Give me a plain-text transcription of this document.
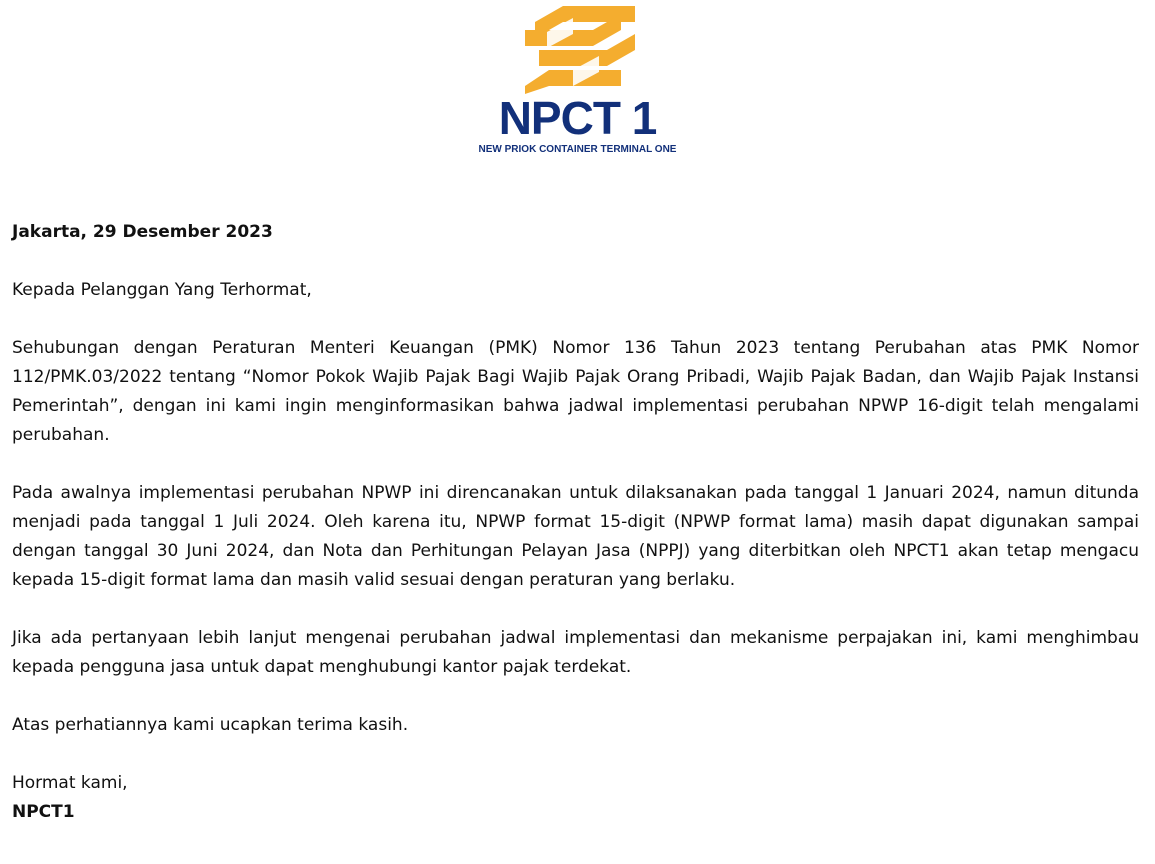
NPCT 1
NEW PRIOK CONTAINER TERMINAL ONE
Jakarta, 29 Desember 2023
Kepada Pelanggan Yang Terhormat,
Sehubungan dengan Peraturan Menteri Keuangan (PMK) Nomor 136 Tahun 2023 tentang Perubahan atas PMK Nomor 112/PMK.03/2022 tentang “Nomor Pokok Wajib Pajak Bagi Wajib Pajak Orang Pribadi, Wajib Pajak Badan, dan Wajib Pajak Instansi Pemerintah”, dengan ini kami ingin menginformasikan bahwa jadwal implementasi perubahan NPWP 16-digit telah mengalami perubahan.
Pada awalnya implementasi perubahan NPWP ini direncanakan untuk dilaksanakan pada tanggal 1 Januari 2024, namun ditunda menjadi pada tanggal 1 Juli 2024. Oleh karena itu, NPWP format 15-digit (NPWP format lama) masih dapat digunakan sampai dengan tanggal 30 Juni 2024, dan Nota dan Perhitungan Pelayan Jasa (NPPJ) yang diterbitkan oleh NPCT1 akan tetap mengacu kepada 15-digit format lama dan masih valid sesuai dengan peraturan yang berlaku.
Jika ada pertanyaan lebih lanjut mengenai perubahan jadwal implementasi dan mekanisme perpajakan ini, kami menghimbau kepada pengguna jasa untuk dapat menghubungi kantor pajak terdekat.
Atas perhatiannya kami ucapkan terima kasih.
Hormat kami,
NPCT1
